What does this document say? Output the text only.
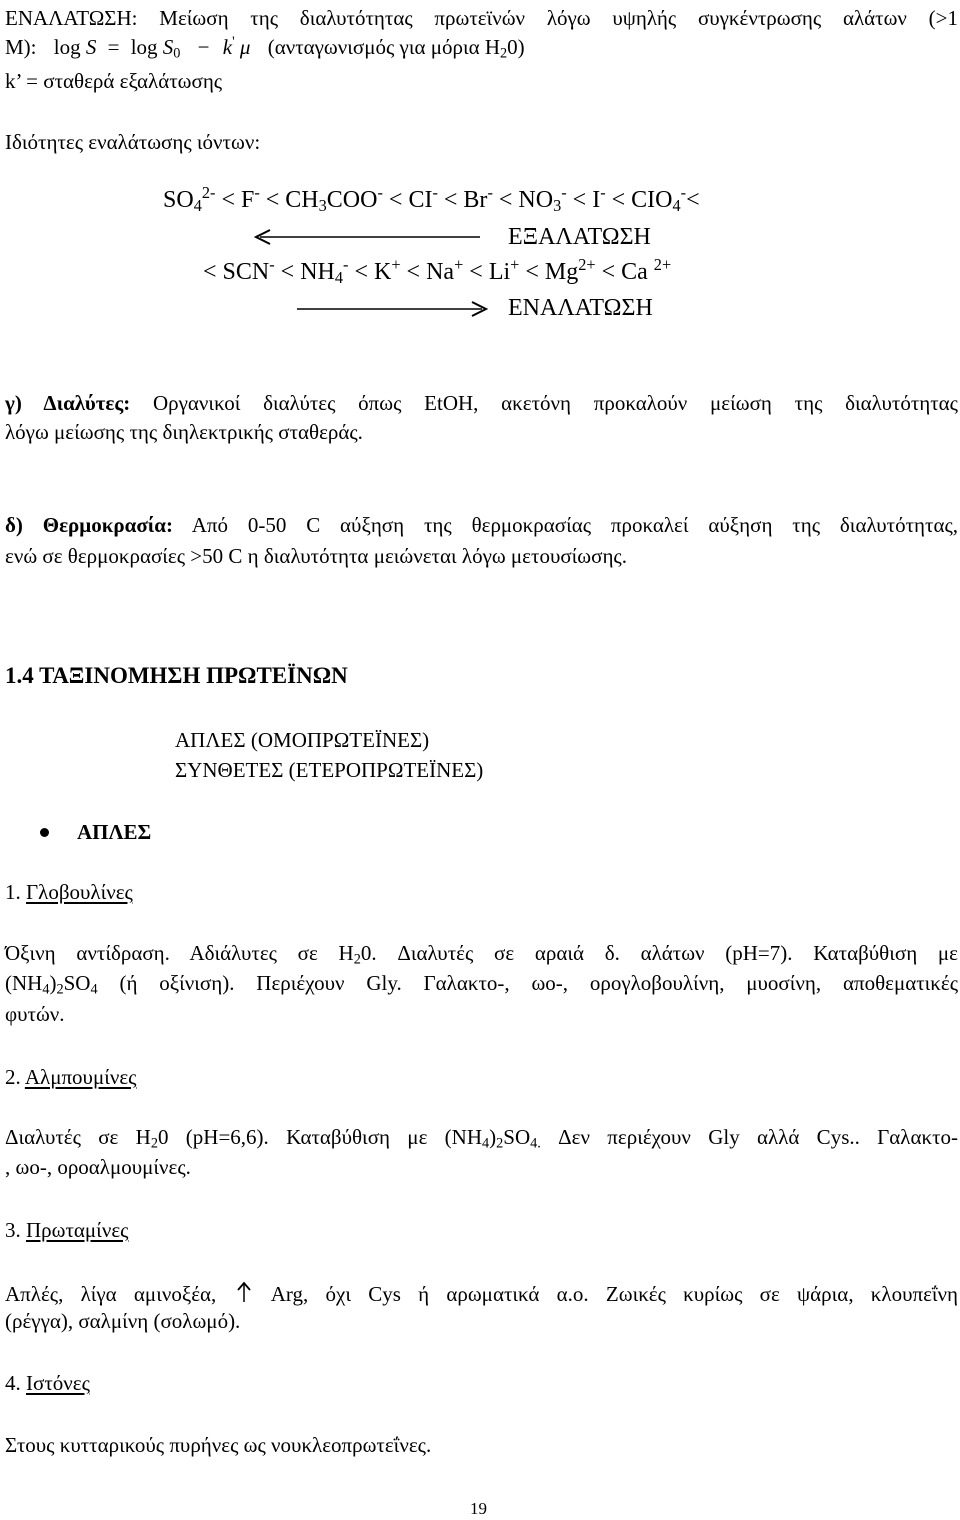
ΕΝΑΛΑΤΩΣΗ: Μείωση της διαλυτότητας πρωτεϊνών λόγω υψηλής συγκέντρωσης αλάτων (>1
Μ): $\log S = \log S_0 - k'$ μ (ανταγωνισμός για μόρια $H_20$)
k’ = σταθερά εξαλάτωσης
Ιδιότητες εναλάτωσης ιόντων:
$SO_4^{2-} < F^- < CH_3COO^- < CI^- < Br^- < NO_3^- < I^- < CIO_4^-<$
ΕΞΑΛΑΤΩΣΗ
< $SCN^- < NH_4^- < K^+ < Na^+ < Li^+ < Mg^{2+} < Ca$ $^{2+}$
ΕΝΑΛΑΤΩΣΗ
γ) Διαλύτες: Οργανικοί διαλύτες όπως EtOH, ακετόνη προκαλούν μείωση της διαλυτότητας
λόγω μείωσης της διηλεκτρικής σταθεράς.
δ) Θερμοκρασία: Από 0-50 C αύξηση της θερμοκρασίας προκαλεί αύξηση της διαλυτότητας,
ενώ σε θερμοκρασίες >50 C η διαλυτότητα μειώνεται λόγω μετουσίωσης.
1.4 ΤΑΞΙΝΟΜΗΣΗ ΠΡΩΤΕΪΝΩΝ
ΑΠΛΕΣ (ΟΜΟΠΡΩΤΕΪΝΕΣ)
ΣΥΝΘΕΤΕΣ (ΕΤΕΡΟΠΡΩΤΕΪΝΕΣ)
ΑΠΛΕΣ
1. Γλοβουλίνες
Όξινη αντίδραση. Αδιάλυτες σε $H_20$. Διαλυτές σε αραιά δ. αλάτων (pH=7). Καταβύθιση με
$(NH_4)_2SO_4$ (ή οξίνιση). Περιέχουν Gly. Γαλακτο-, ωο-, ορογλοβουλίνη, μυοσίνη, αποθεματικές
φυτών.
2. Αλμπουμίνες
Διαλυτές σε $H_20$ (pH=6,6). Καταβύθιση με $(NH_4)_2SO_{4.}$ Δεν περιέχουν Gly αλλά Cys.. Γαλακτο-
, ωο-, οροαλμουμίνες.
3. Πρωταμίνες
Απλές, λίγα αμινοξέα,	Arg, όχι Cys ή αρωματικά α.ο. Ζωικές κυρίως σε ψάρια, κλουπεΐνη
(ρέγγα), σαλμίνη (σολωμό).
4. Ιστόνες
Στους κυτταρικούς πυρήνες ως νουκλεοπρωτεΐνες.
19
